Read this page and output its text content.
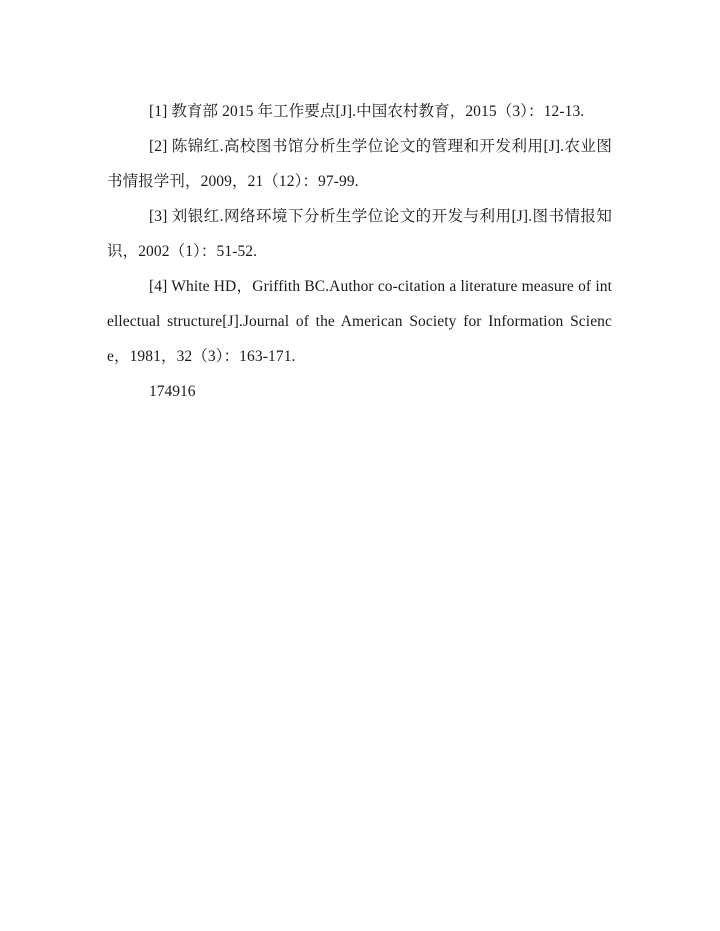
[1] 教育部 2015 年工作要点[J].中国农村教育，2015（3）：12-13.

[2] 陈锦红.高校图书馆分析生学位论文的管理和开发利用[J].农业图书情报学刊，2009，21（12）：97-99.

[3] 刘银红.网络环境下分析生学位论文的开发与利用[J].图书情报知识，2002（1）：51-52.

[4] White HD，Griffith BC.Author co-citation a literature measure of intellectual structure[J].Journal of the American Society for Information Science，1981，32（3）：163-171.

174916
